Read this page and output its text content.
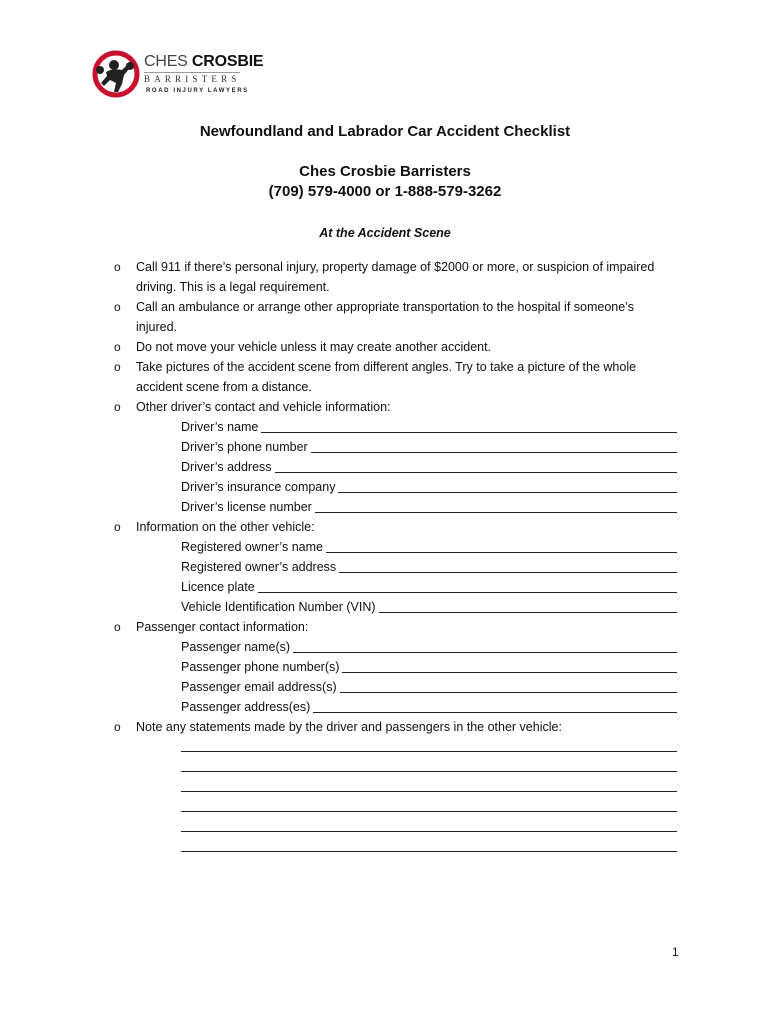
CHES CROSBIE
BARRISTERS
ROAD INJURY LAWYERS
Newfoundland and Labrador Car Accident Checklist
Ches Crosbie Barristers
(709) 579-4000 or 1-888-579-3262
At the Accident Scene
o Call 911 if there’s personal injury, property damage of $2000 or more, or suspicion of impaired driving. This is a legal requirement.
o Call an ambulance or arrange other appropriate transportation to the hospital if someone’s injured.
o Do not move your vehicle unless it may create another accident.
o Take pictures of the accident scene from different angles. Try to take a picture of the whole accident scene from a distance.
o Other driver’s contact and vehicle information:
Driver’s name
Driver’s phone number
Driver’s address
Driver’s insurance company
Driver’s license number
o Information on the other vehicle:
Registered owner’s name
Registered owner’s address
Licence plate
Vehicle Identification Number (VIN)
o Passenger contact information:
Passenger name(s)
Passenger phone number(s)
Passenger email address(s)
Passenger address(es)
o Note any statements made by the driver and passengers in the other vehicle:
1
